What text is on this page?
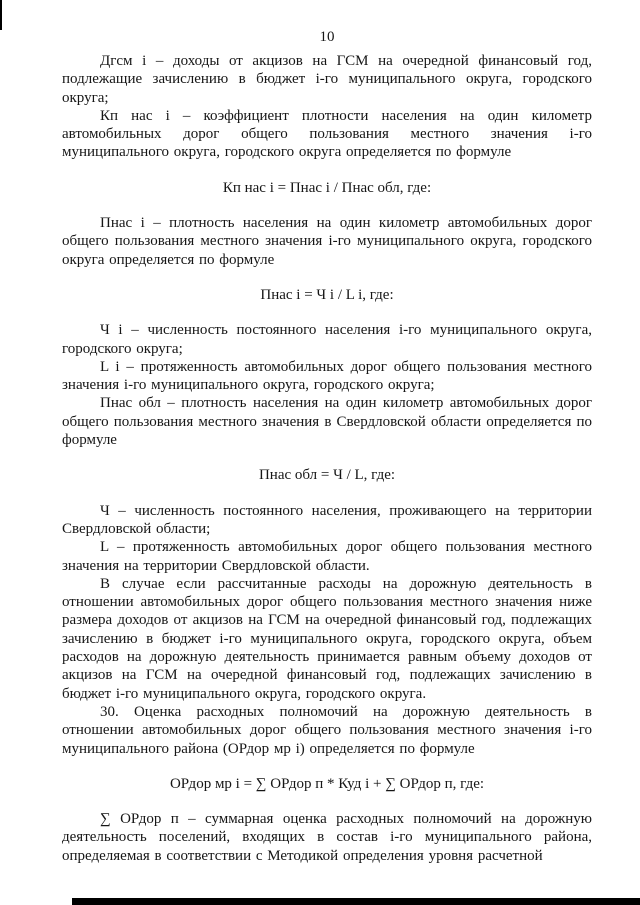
10

Дгсм i – доходы от акцизов на ГСМ на очередной финансовый год, подлежащие зачислению в бюджет i-го муниципального округа, городского округа;

Кп нас i – коэффициент плотности населения на один километр автомобильных дорог общего пользования местного значения i-го муниципального округа, городского округа определяется по формуле

Кп нас i = Пнас i / Пнас обл, где:

Пнас i – плотность населения на один километр автомобильных дорог общего пользования местного значения i-го муниципального округа, городского округа определяется по формуле

Пнас i = Ч i / L i, где:

Ч i – численность постоянного населения i-го муниципального округа, городского округа;

L i – протяженность автомобильных дорог общего пользования местного значения i-го муниципального округа, городского округа;

Пнас обл – плотность населения на один километр автомобильных дорог общего пользования местного значения в Свердловской области определяется по формуле

Пнас обл = Ч / L, где:

Ч – численность постоянного населения, проживающего на территории Свердловской области;

L – протяженность автомобильных дорог общего пользования местного значения на территории Свердловской области.

В случае если рассчитанные расходы на дорожную деятельность в отношении автомобильных дорог общего пользования местного значения ниже размера доходов от акцизов на ГСМ на очередной финансовый год, подлежащих зачислению в бюджет i-го муниципального округа, городского округа, объем расходов на дорожную деятельность принимается равным объему доходов от акцизов на ГСМ на очередной финансовый год, подлежащих зачислению в бюджет i-го муниципального округа, городского округа.

30. Оценка расходных полномочий на дорожную деятельность в отношении автомобильных дорог общего пользования местного значения i-го муниципального района (ОРдор мр i) определяется по формуле

ОРдор мр i = ∑ ОРдор п * Куд i + ∑ ОРдор п, где:

∑ ОРдор п – суммарная оценка расходных полномочий на дорожную деятельность поселений, входящих в состав i-го муниципального района, определяемая в соответствии с Методикой определения уровня расчетной
